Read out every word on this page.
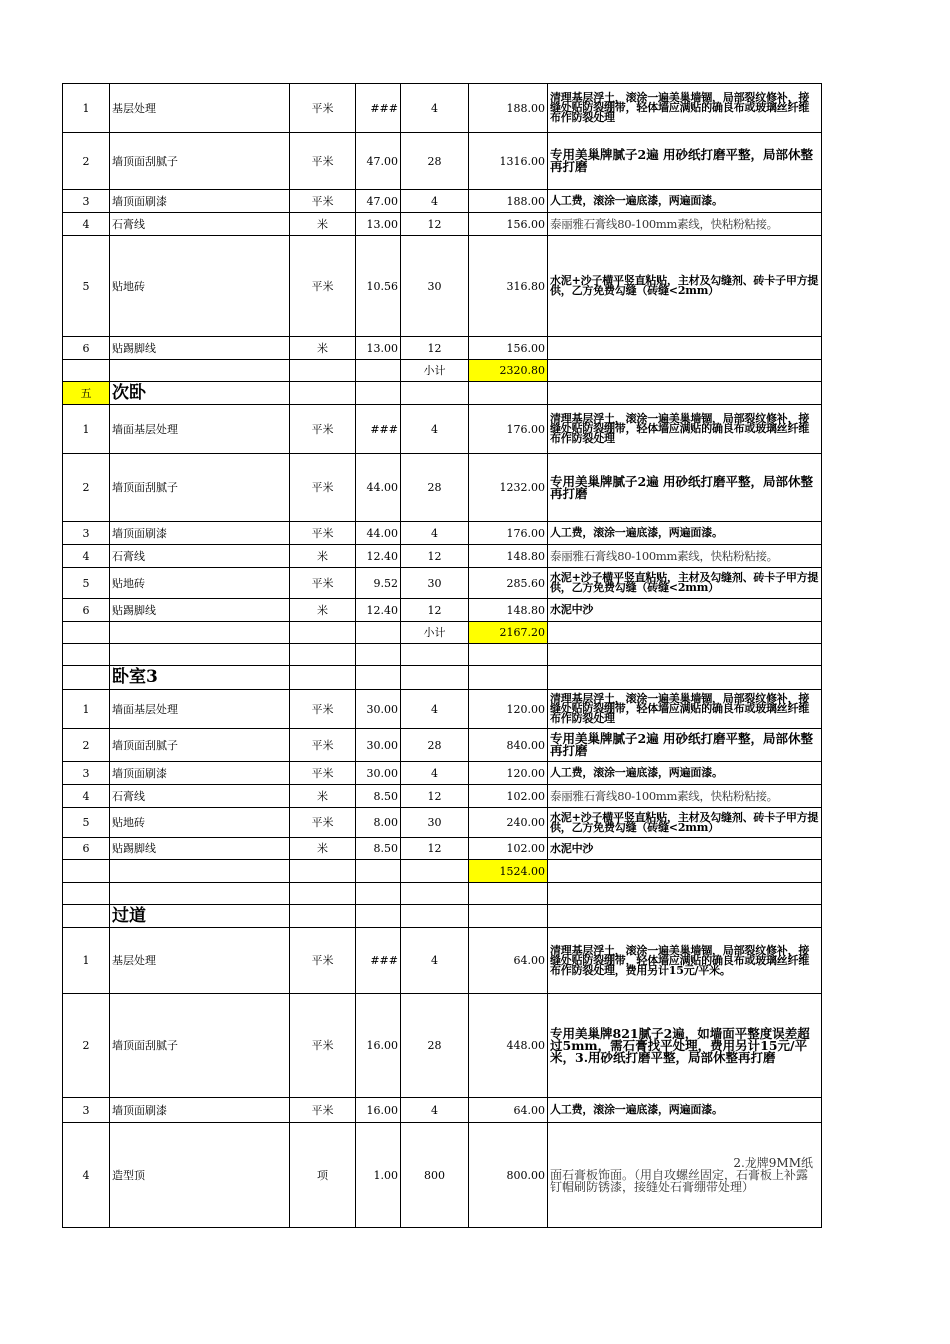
1	基层处理	平米	###	4	188.00	清理基层浮土，滚涂一遍美巢墙锢，局部裂纹修补，接缝处贴防裂绷带，轻体墙应满贴的确良布或玻璃丝纤维布作防裂处理
2	墙顶面刮腻子	平米	47.00	28	1316.00	专用美巢牌腻子2遍 用砂纸打磨平整，局部休整再打磨
3	墙顶面刷漆	平米	47.00	4	188.00	人工费，滚涂一遍底漆，两遍面漆。
4	石膏线	米	13.00	12	156.00	泰丽雅石膏线80-100mm素线，快粘粉粘接。
5	贴地砖	平米	10.56	30	316.80	水泥+沙子横平竖直粘贴，主材及勾缝剂、砖卡子甲方提供，乙方免费勾缝（砖缝<2mm）
6	贴踢脚线	米	13.00	12	156.00	
				小计	2320.80	
五	次卧					
1	墙面基层处理	平米	###	4	176.00	清理基层浮土，滚涂一遍美巢墙锢，局部裂纹修补，接缝处贴防裂绷带，轻体墙应满贴的确良布或玻璃丝纤维布作防裂处理
2	墙顶面刮腻子	平米	44.00	28	1232.00	专用美巢牌腻子2遍 用砂纸打磨平整，局部休整再打磨
3	墙顶面刷漆	平米	44.00	4	176.00	人工费，滚涂一遍底漆，两遍面漆。
4	石膏线	米	12.40	12	148.80	泰丽雅石膏线80-100mm素线，快粘粉粘接。
5	贴地砖	平米	9.52	30	285.60	水泥+沙子横平竖直粘贴，主材及勾缝剂、砖卡子甲方提供，乙方免费勾缝（砖缝<2mm）
6	贴踢脚线	米	12.40	12	148.80	水泥中沙
				小计	2167.20	

	卧室3					
1	墙面基层处理	平米	30.00	4	120.00	清理基层浮土，滚涂一遍美巢墙锢，局部裂纹修补，接缝处贴防裂绷带，轻体墙应满贴的确良布或玻璃丝纤维布作防裂处理
2	墙顶面刮腻子	平米	30.00	28	840.00	专用美巢牌腻子2遍 用砂纸打磨平整，局部休整再打磨
3	墙顶面刷漆	平米	30.00	4	120.00	人工费，滚涂一遍底漆，两遍面漆。
4	石膏线	米	8.50	12	102.00	泰丽雅石膏线80-100mm素线，快粘粉粘接。
5	贴地砖	平米	8.00	30	240.00	水泥+沙子横平竖直粘贴，主材及勾缝剂、砖卡子甲方提供，乙方免费勾缝（砖缝<2mm）
6	贴踢脚线	米	8.50	12	102.00	水泥中沙
					1524.00	

	过道					
1	基层处理	平米	###	4	64.00	清理基层浮土，滚涂一遍美巢墙锢，局部裂纹修补，接缝处贴防裂绷带，轻体墙应满贴的确良布或玻璃丝纤维布作防裂处理，费用另计15元/平米。
2	墙顶面刮腻子	平米	16.00	28	448.00	专用美巢牌821腻子2遍，如墙面平整度误差超过5mm，需石膏找平处理，费用另计15元/平米，3.用砂纸打磨平整，局部休整再打磨
3	墙顶面刷漆	平米	16.00	4	64.00	人工费，滚涂一遍底漆，两遍面漆。
4	造型顶	项	1.00	800	800.00	2.龙牌9MM纸
面石膏板饰面。（用自攻螺丝固定，石膏板上补露钉帽刷防锈漆，接缝处石膏绷带处理）
